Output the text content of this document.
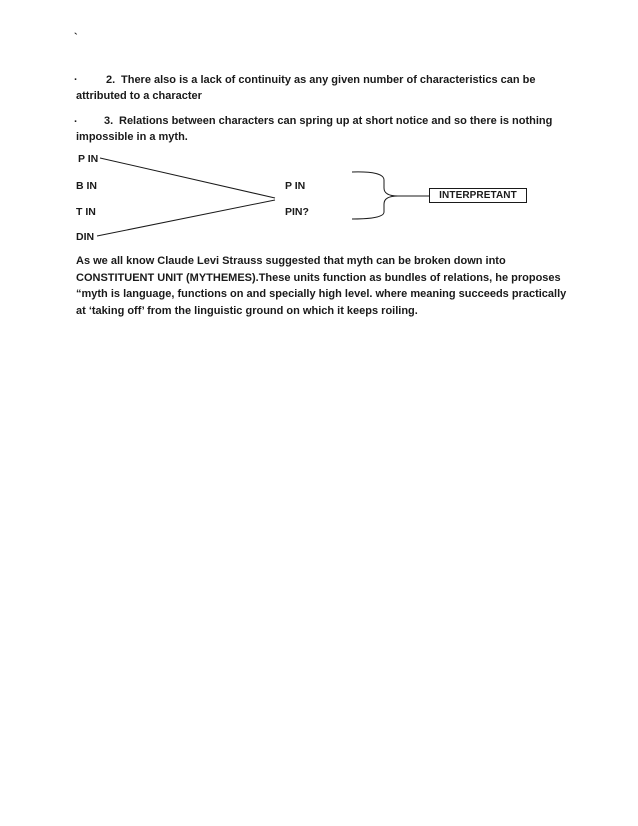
`
·	2. There also is a lack of continuity as any given number of characteristics can be
attributed to a character
· 3. Relations between characters can spring up at short notice and so there is nothing
impossible in a myth.
P IN
B IN
T IN
DIN
P IN
PIN?
INTERPRETANT
As we all know Claude Levi Strauss suggested that myth can be broken down into
CONSTITUENT UNIT (MYTHEMES).These units function as bundles of relations, he proposes
“myth is language, functions on and specially high level. where meaning succeeds practically
at ‘taking off’ from the linguistic ground on which it keeps roiling.
